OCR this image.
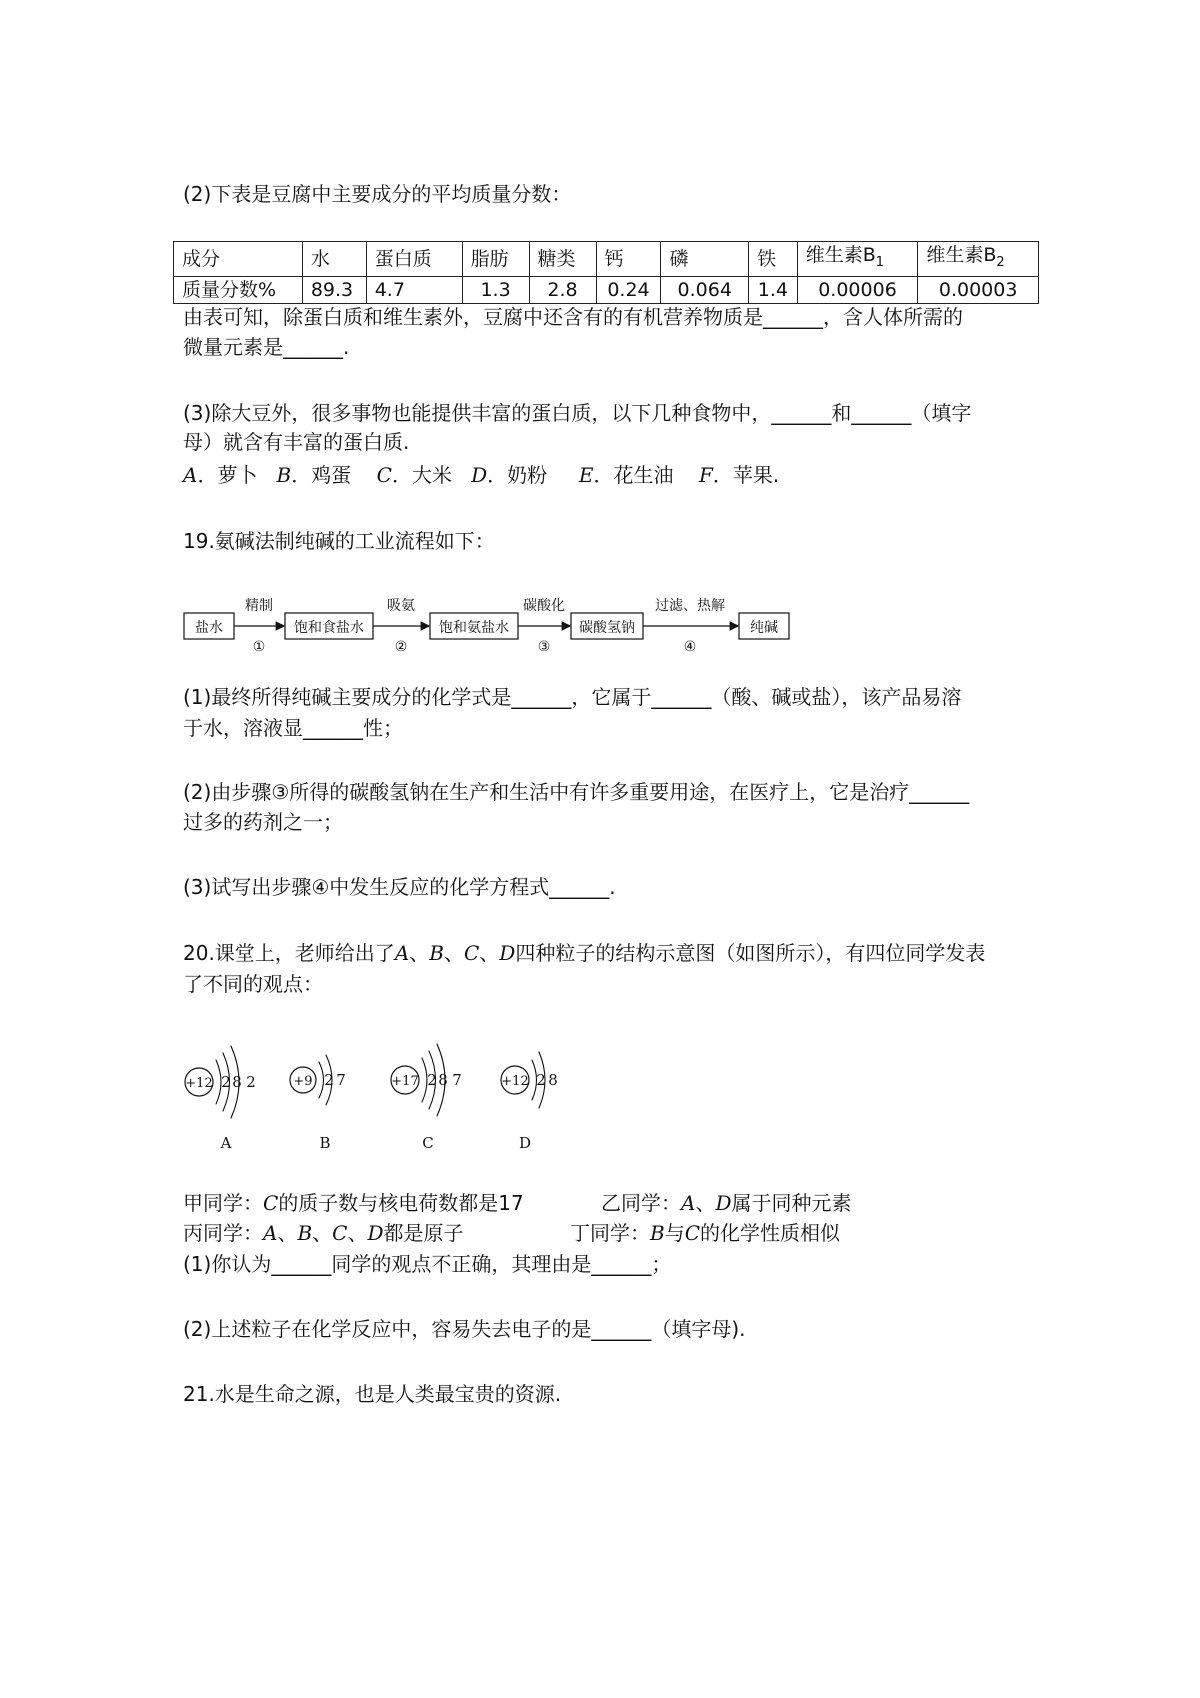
(2)下表是豆腐中主要成分的平均质量分数：
成分	水	蛋白质	脂肪	糖类	钙	磷	铁	维生素$B_1$	维生素$B_2$
质量分数%	89.3	4.7	1.3	2.8	0.24	0.064	1.4	0.00006	0.00003
由表可知，除蛋白质和维生素外，豆腐中还含有的有机营养物质是______，含人体所需的
微量元素是______.
(3)除大豆外，很多事物也能提供丰富的蛋白质，以下几种食物中，______和______（填字
母）就含有丰富的蛋白质.
A．萝卜 B．鸡蛋 C．大米 D．奶粉 E．花生油 F．苹果.
19.氨碱法制纯碱的工业流程如下：
盐水	饱和食盐水	饱和氨盐水	碳酸氢钠	纯碱
精制
①
吸氨
②
碳酸化
③
过滤、热解
④
(1)最终所得纯碱主要成分的化学式是______，它属于______（酸、碱或盐），该产品易溶
于水，溶液显______性；
(2)由步骤③所得的碳酸氢钠在生产和生活中有许多重要用途，在医疗上，它是治疗______
过多的药剂之一；
(3)试写出步骤④中发生反应的化学方程式______.
20.课堂上，老师给出了A、B、C、D四种粒子的结构示意图（如图所示），有四位同学发表
了不同的观点：
+12 2 8 2
A
+9 2 7
B
+17 2 8 7
C
+12 2 8
D
甲同学：C的质子数与核电荷数都是17	乙同学：A、D属于同种元素
丙同学：A、B、C、D都是原子	丁同学：B与C的化学性质相似
(1)你认为______同学的观点不正确，其理由是______；
(2)上述粒子在化学反应中，容易失去电子的是______（填字母).
21.水是生命之源，也是人类最宝贵的资源.
